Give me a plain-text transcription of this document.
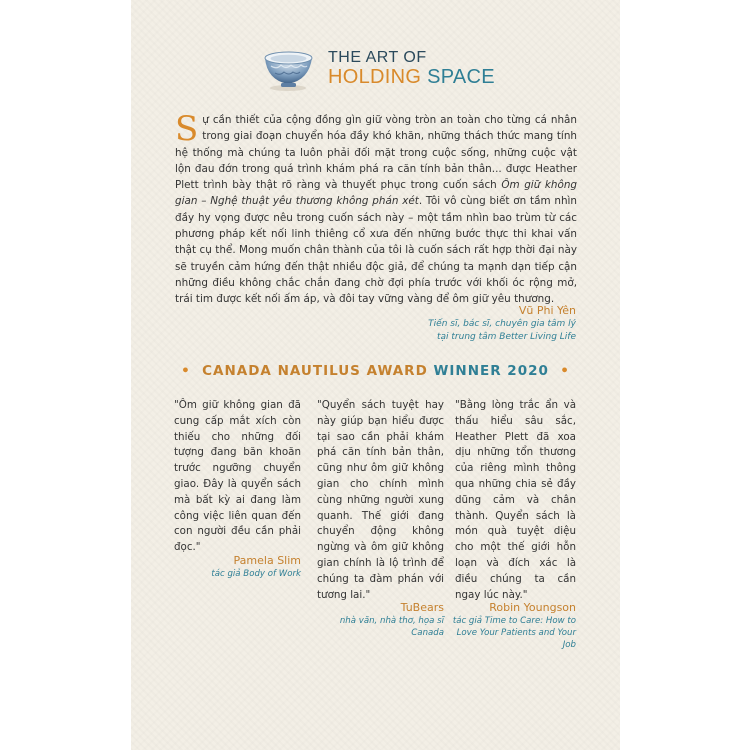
THE ART OF
HOLDING SPACE
Sự cần thiết của cộng đồng gìn giữ vòng tròn an toàn cho từng cá nhân trong giai đoạn chuyển hóa đầy khó khăn, những thách thức mang tính hệ thống mà chúng ta luôn phải đối mặt trong cuộc sống, những cuộc vật lộn đau đớn trong quá trình khám phá ra căn tính bản thân... được Heather Plett trình bày thật rõ ràng và thuyết phục trong cuốn sách Ôm giữ không gian – Nghệ thuật yêu thương không phán xét. Tôi vô cùng biết ơn tầm nhìn đầy hy vọng được nêu trong cuốn sách này – một tầm nhìn bao trùm từ các phương pháp kết nối linh thiêng cổ xưa đến những bước thực thi khai vấn thật cụ thể. Mong muốn chân thành của tôi là cuốn sách rất hợp thời đại này sẽ truyền cảm hứng đến thật nhiều độc giả, để chúng ta mạnh dạn tiếp cận những điều không chắc chắn đang chờ đợi phía trước với khối óc rộng mở, trái tim được kết nối ấm áp, và đôi tay vững vàng để ôm giữ yêu thương.
Vũ Phi Yên
Tiến sĩ, bác sĩ, chuyên gia tâm lý
tại trung tâm Better Living Life
• CANADA NAUTILUS AWARD WINNER 2020 •
"Ôm giữ không gian đã cung cấp mắt xích còn thiếu cho những đối tượng đang băn khoăn trước ngưỡng chuyển giao. Đây là quyển sách mà bất kỳ ai đang làm công việc liên quan đến con người đều cần phải đọc."
"Quyển sách tuyệt hay này giúp bạn hiểu được tại sao cần phải khám phá căn tính bản thân, cũng như ôm giữ không gian cho chính mình cùng những người xung quanh. Thế giới đang chuyển động không ngừng và ôm giữ không gian chính là lộ trình để chúng ta đàm phán với tương lai."
"Bằng lòng trắc ẩn và thấu hiểu sâu sắc, Heather Plett đã xoa dịu những tổn thương của riêng mình thông qua những chia sẻ đầy dũng cảm và chân thành. Quyển sách là món quà tuyệt diệu cho một thế giới hỗn loạn và đích xác là điều chúng ta cần ngay lúc này."
Pamela Slim
tác giả Body of Work
TuBears
nhà văn, nhà thơ, họa sĩ Canada
Robin Youngson
tác giả Time to Care: How to Love Your Patients and Your Job
